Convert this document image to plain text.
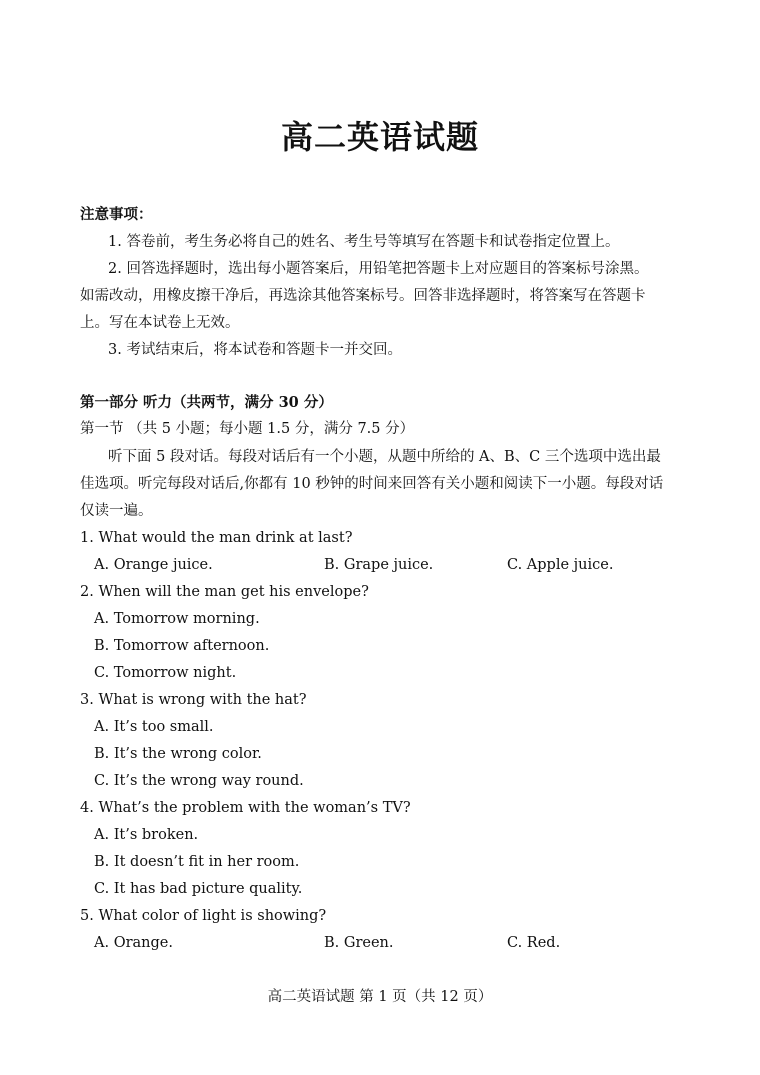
高二英语试题
注意事项：
1. 答卷前，考生务必将自己的姓名、考生号等填写在答题卡和试卷指定位置上。
2. 回答选择题时，选出每小题答案后，用铅笔把答题卡上对应题目的答案标号涂黑。
如需改动，用橡皮擦干净后，再选涂其他答案标号。回答非选择题时，将答案写在答题卡
上。写在本试卷上无效。
3. 考试结束后，将本试卷和答题卡一并交回。
第一部分 听力（共两节，满分 30 分）
第一节 （共 5 小题；每小题 1.5 分，满分 7.5 分）
听下面 5 段对话。每段对话后有一个小题，从题中所给的 A、B、C 三个选项中选出最
佳选项。听完每段对话后,你都有 10 秒钟的时间来回答有关小题和阅读下一小题。每段对话
仅读一遍。
1. What would the man drink at last?
A. Orange juice.	B. Grape juice.	C. Apple juice.
2. When will the man get his envelope?
A. Tomorrow morning.
B. Tomorrow afternoon.
C. Tomorrow night.
3. What is wrong with the hat?
A. It’s too small.
B. It’s the wrong color.
C. It’s the wrong way round.
4. What’s the problem with the woman’s TV?
A. It’s broken.
B. It doesn’t fit in her room.
C. It has bad picture quality.
5. What color of light is showing?
A. Orange.	B. Green.	C. Red.
高二英语试题 第 1 页（共 12 页）
